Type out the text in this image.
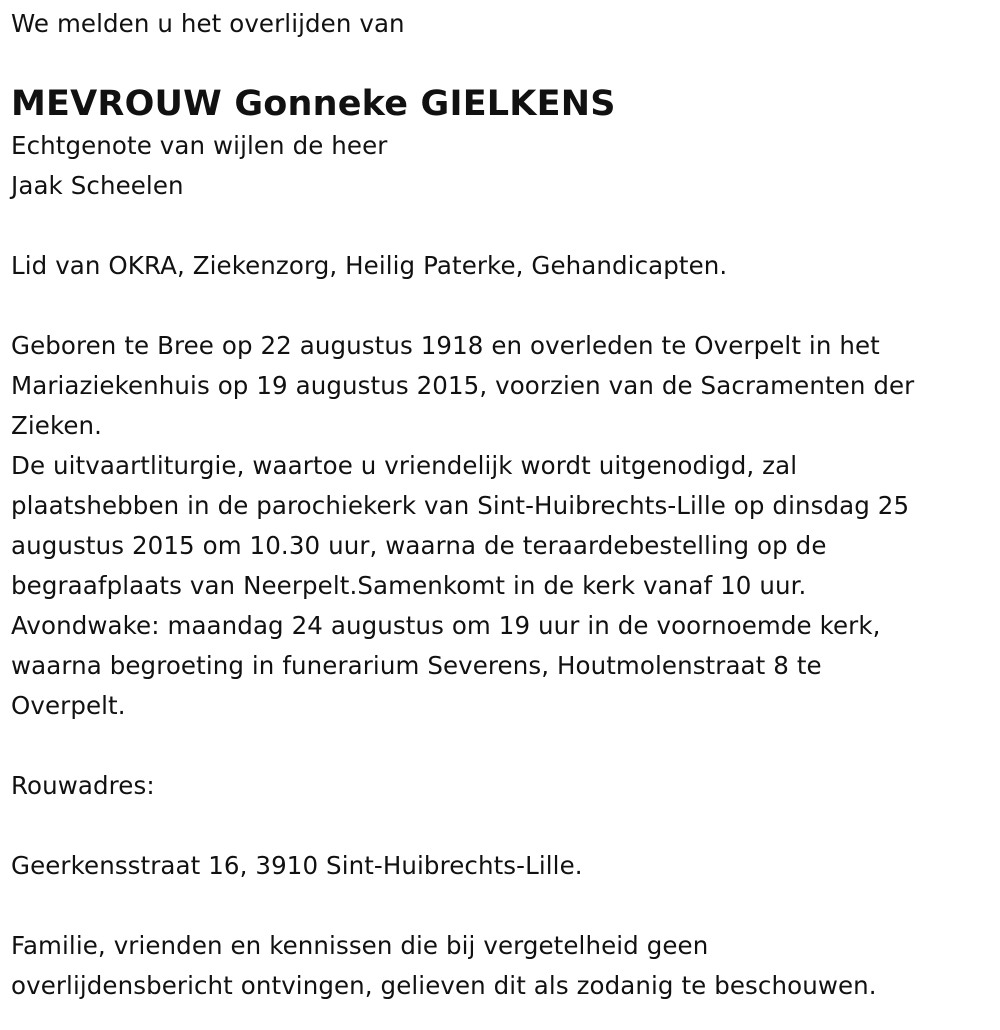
We melden u het overlijden van
MEVROUW Gonneke GIELKENS
Echtgenote van wijlen de heer
Jaak Scheelen
Lid van OKRA, Ziekenzorg, Heilig Paterke, Gehandicapten.
Geboren te Bree op 22 augustus 1918 en overleden te Overpelt in het
Mariaziekenhuis op 19 augustus 2015, voorzien van de Sacramenten der
Zieken.
De uitvaartliturgie, waartoe u vriendelijk wordt uitgenodigd, zal
plaatshebben in de parochiekerk van Sint-Huibrechts-Lille op dinsdag 25
augustus 2015 om 10.30 uur, waarna de teraardebestelling op de
begraafplaats van Neerpelt.Samenkomt in de kerk vanaf 10 uur.
Avondwake: maandag 24 augustus om 19 uur in de voornoemde kerk,
waarna begroeting in funerarium Severens, Houtmolenstraat 8 te
Overpelt.
Rouwadres:
Geerkensstraat 16, 3910 Sint-Huibrechts-Lille.
Familie, vrienden en kennissen die bij vergetelheid geen
overlijdensbericht ontvingen, gelieven dit als zodanig te beschouwen.
